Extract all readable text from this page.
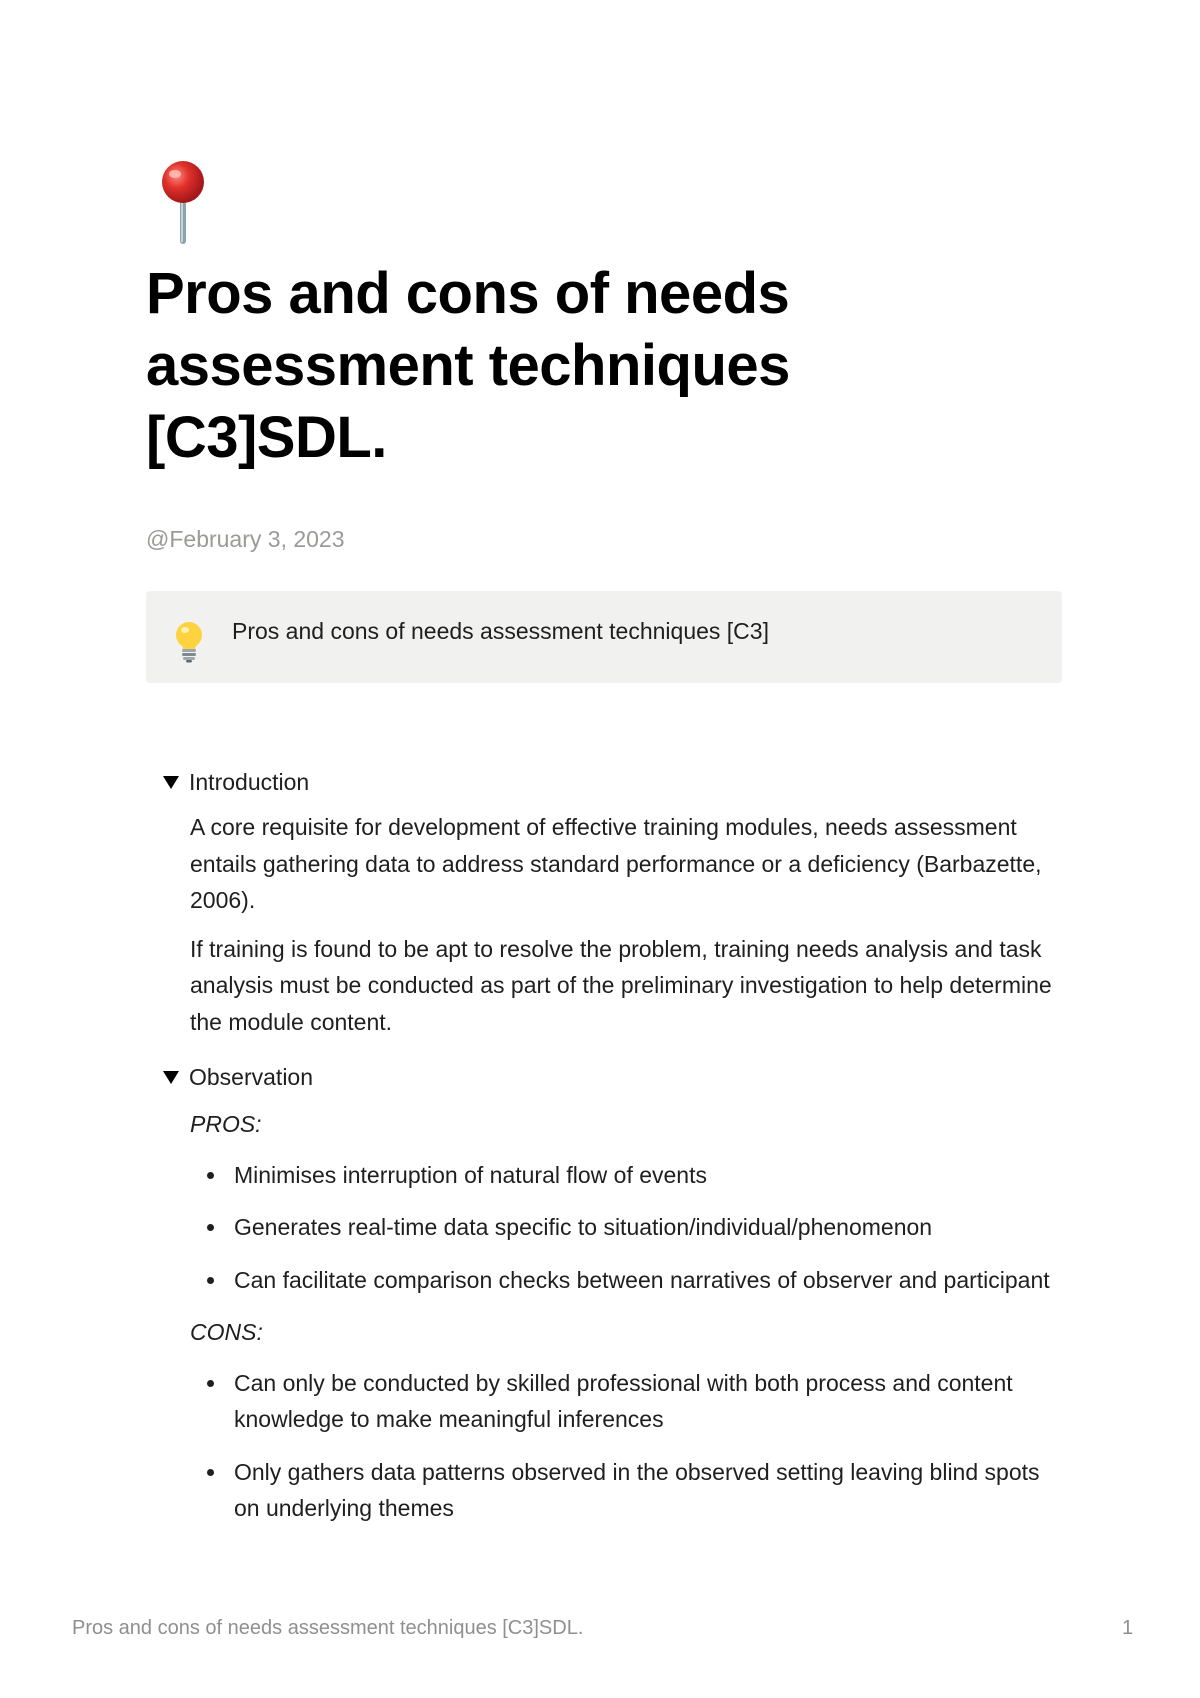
Pros and cons of needs assessment techniques [C3]SDL.
@February 3, 2023
Pros and cons of needs assessment techniques [C3]
Introduction

A core requisite for development of effective training modules, needs assessment entails gathering data to address standard performance or a deficiency (Barbazette, 2006).

If training is found to be apt to resolve the problem, training needs analysis and task analysis must be conducted as part of the preliminary investigation to help determine the module content.

Observation

PROS:

Minimises interruption of natural flow of events
Generates real-time data specific to situation/individual/phenomenon
Can facilitate comparison checks between narratives of observer and participant

CONS:

Can only be conducted by skilled professional with both process and content knowledge to make meaningful inferences
Only gathers data patterns observed in the observed setting leaving blind spots on underlying themes
Pros and cons of needs assessment techniques [C3]SDL.	1
